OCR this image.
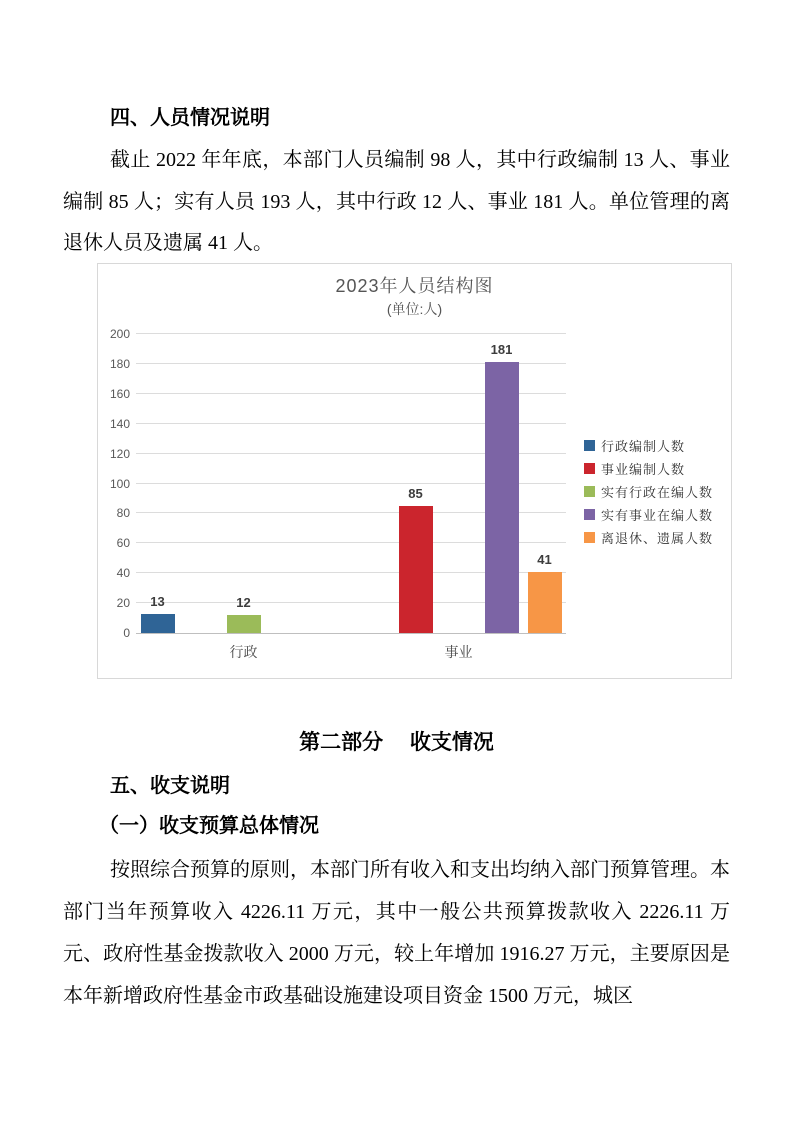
四、人员情况说明
截止 2022 年年底，本部门人员编制 98 人，其中行政编制 13 人、事业编制 85 人；实有人员 193 人，其中行政 12 人、事业 181 人。单位管理的离退休人员及遗属 41 人。
2023年人员结构图
(单位:人)
13
85
12
181
41
0
20
40
60
80
100
120
140
160
180
200
行政	事业
行政编制人数
事业编制人数
实有行政在编人数
实有事业在编人数
离退休、遗属人数
第二部分　 收支情况
五、收支说明
（一）收支预算总体情况
按照综合预算的原则，本部门所有收入和支出均纳入部门预算管理。本部门当年预算收入 4226.11 万元，其中一般公共预算拨款收入 2226.11 万元、政府性基金拨款收入 2000 万元，较上年增加 1916.27 万元，主要原因是本年新增政府性基金市政基础设施建设项目资金 1500 万元，城区
